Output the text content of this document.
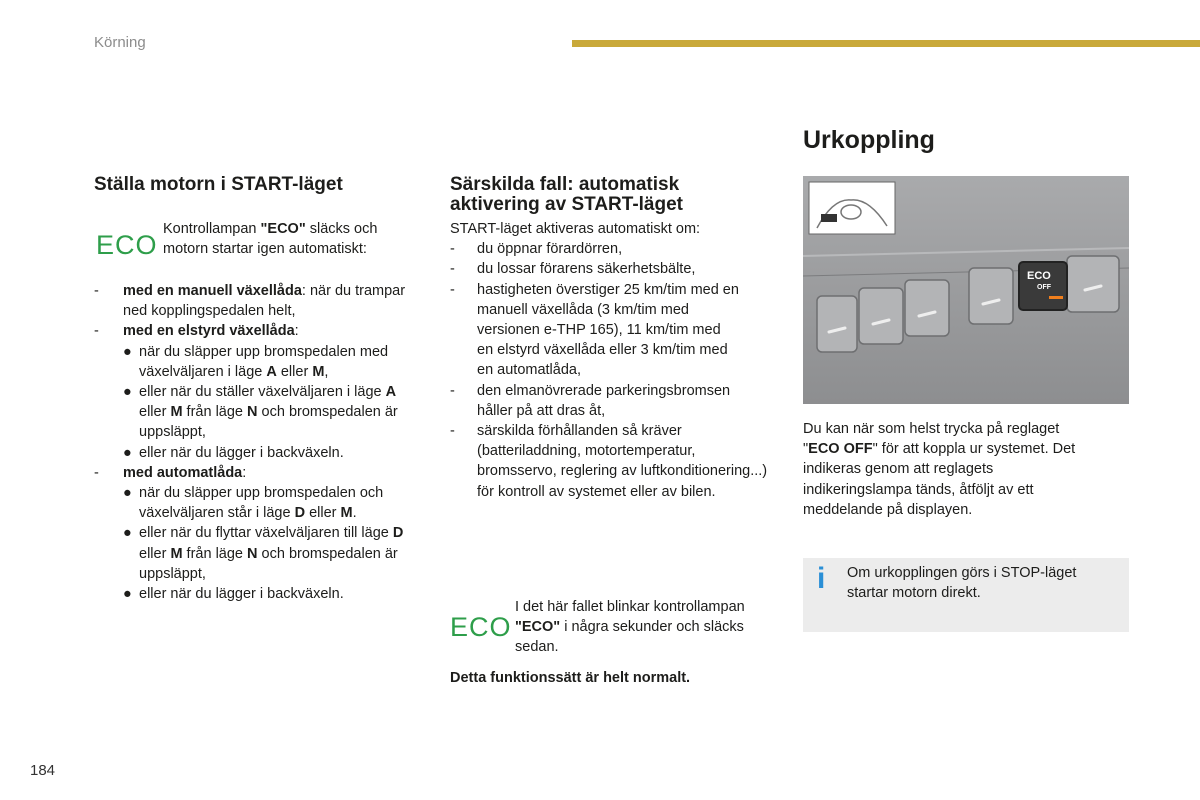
Körning
Ställa motorn i START-läget
ECO
Kontrollampan "ECO" släcks och motorn startar igen automatiskt:
- med en manuell växellåda: när du trampar ned kopplingspedalen helt,
- med en elstyrd växellåda:
● när du släpper upp bromspedalen med växelväljaren i läge A eller M,
● eller när du ställer växelväljaren i läge A eller M från läge N och bromspedalen är uppsläppt,
● eller när du lägger i backväxeln.
- med automatlåda:
● när du släpper upp bromspedalen och växelväljaren står i läge D eller M.
● eller när du flyttar växelväljaren till läge D eller M från läge N och bromspedalen är uppsläppt,
● eller när du lägger i backväxeln.
Särskilda fall: automatisk
aktivering av START-läget
START-läget aktiveras automatiskt om:
- du öppnar förardörren,
- du lossar förarens säkerhetsbälte,
- hastigheten överstiger 25 km/tim med en manuell växellåda (3 km/tim med versionen e-THP 165), 11 km/tim med en elstyrd växellåda eller 3 km/tim med en automatlåda,
- den elmanövrerade parkeringsbromsen håller på att dras åt,
- särskilda förhållanden så kräver (batteriladdning, motortemperatur, bromsservo, reglering av luftkonditionering...) för kontroll av systemet eller av bilen.
ECO
I det här fallet blinkar kontrollampan "ECO" i några sekunder och släcks sedan.
Detta funktionssätt är helt normalt.
Urkoppling
ECO
OFF
Du kan när som helst trycka på reglaget "ECO OFF" för att koppla ur systemet. Det indikeras genom att reglagets indikeringslampa tänds, åtföljt av ett meddelande på displayen.
i Om urkopplingen görs i STOP-läget startar motorn direkt.
184
